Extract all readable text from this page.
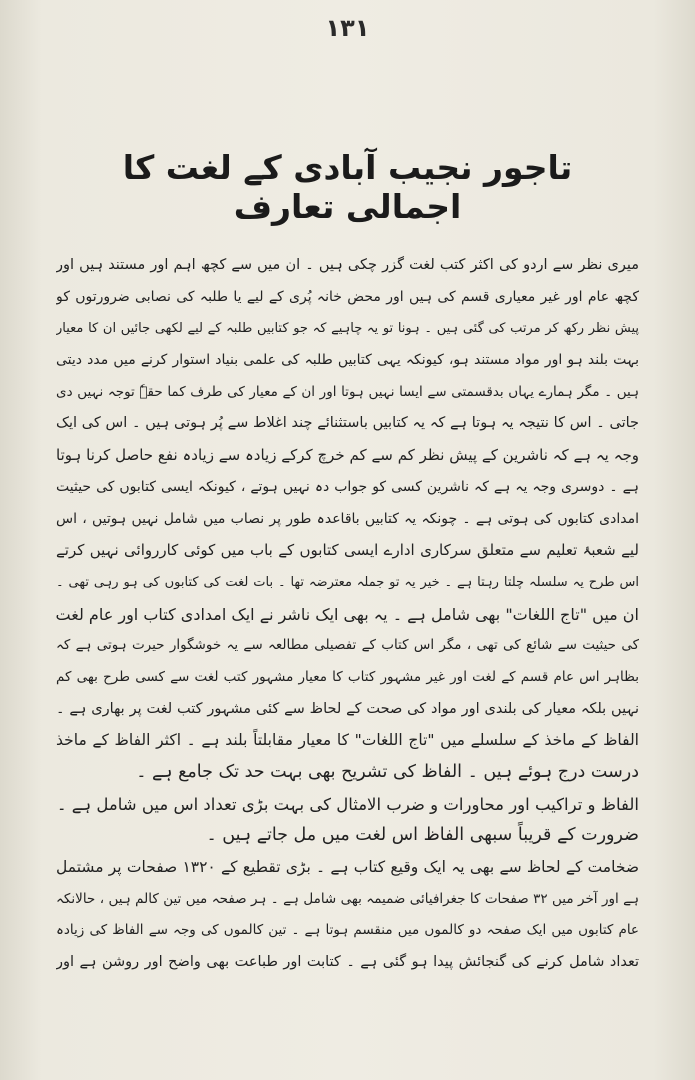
۱۳۱
تاجور نجیب آبادی کے لغت کا اجمالی تعارف
میری نظر سے اردو کی اکثر کتب لغت گزر چکی ہیں ۔ ان میں سے کچھ اہم اور مستند ہیں اور
کچھ عام اور غیر معیاری قسم کی ہیں اور محض خانہ پُری کے لیے یا طلبہ کی نصابی ضرورتوں کو
پیش نظر رکھ کر مرتب کی گئی ہیں ۔ ہونا تو یہ چاہیے کہ جو کتابیں طلبہ کے لیے لکھی جائیں ان کا معیار
بہت بلند ہو اور مواد مستند ہو، کیونکہ یہی کتابیں طلبہ کی علمی بنیاد استوار کرنے میں مدد دیتی
ہیں ۔ مگر ہمارے یہاں بدقسمتی سے ایسا نہیں ہوتا اور ان کے معیار کی طرف کما حقہٗ توجہ نہیں دی
جاتی ۔ اس کا نتیجہ یہ ہوتا ہے کہ یہ کتابیں باستثنائے چند اغلاط سے پُر ہوتی ہیں ۔ اس کی ایک
وجہ یہ ہے کہ ناشرین کے پیش نظر کم سے کم خرچ کرکے زیادہ سے زیادہ نفع حاصل کرنا ہوتا
ہے ۔ دوسری وجہ یہ ہے کہ ناشرین کسی کو جواب دہ نہیں ہوتے ، کیونکہ ایسی کتابوں کی حیثیت
امدادی کتابوں کی ہوتی ہے ۔ چونکہ یہ کتابیں باقاعدہ طور پر نصاب میں شامل نہیں ہوتیں ، اس
لیے شعبۂ تعلیم سے متعلق سرکاری ادارے ایسی کتابوں کے باب میں کوئی کارروائی نہیں کرتے
اس طرح یہ سلسلہ چلتا رہتا ہے ۔ خیر یہ تو جملہ معترضہ تھا ۔ بات لغت کی کتابوں کی ہو رہی تھی ۔
ان میں "تاج اللغات" بھی شامل ہے ۔ یہ بھی ایک ناشر نے ایک امدادی کتاب اور عام لغت
کی حیثیت سے شائع کی تھی ، مگر اس کتاب کے تفصیلی مطالعہ سے یہ خوشگوار حیرت ہوتی ہے کہ
بظاہر اس عام قسم کے لغت اور غیر مشہور کتاب کا معیار مشہور کتب لغت سے کسی طرح بھی کم
نہیں بلکہ معیار کی بلندی اور مواد کی صحت کے لحاظ سے کئی مشہور کتب لغت پر بھاری ہے ۔
الفاظ کے ماخذ کے سلسلے میں "تاج اللغات" کا معیار مقابلتاً بلند ہے ۔ اکثر الفاظ کے ماخذ
درست درج ہوئے ہیں ۔ الفاظ کی تشریح بھی بہت حد تک جامع ہے ۔
الفاظ و تراکیب اور محاورات و ضرب الامثال کی بہت بڑی تعداد اس میں شامل ہے ۔
ضرورت کے قریباً سبھی الفاظ اس لغت میں مل جاتے ہیں ۔
ضخامت کے لحاظ سے بھی یہ ایک وقیع کتاب ہے ۔ بڑی تقطیع کے ۱۳۲۰ صفحات پر مشتمل
ہے اور آخر میں ۳۲ صفحات کا جغرافیائی ضمیمہ بھی شامل ہے ۔ ہر صفحہ میں تین کالم ہیں ، حالانکہ
عام کتابوں میں ایک صفحہ دو کالموں میں منقسم ہوتا ہے ۔ تین کالموں کی وجہ سے الفاظ کی زیادہ
تعداد شامل کرنے کی گنجائش پیدا ہو گئی ہے ۔ کتابت اور طباعت بھی واضح اور روشن ہے اور
